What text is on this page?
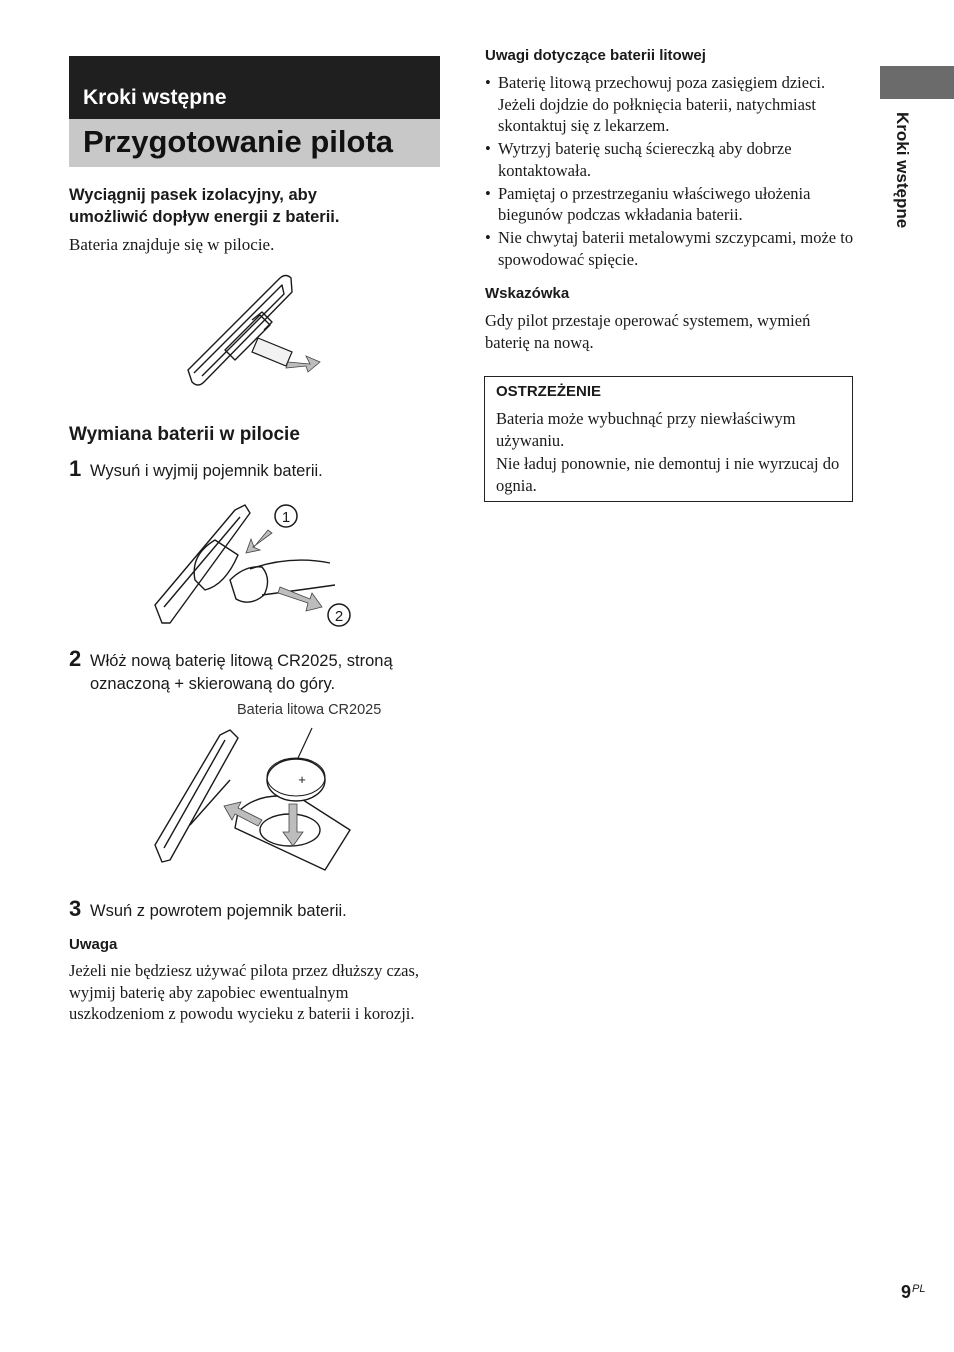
Kroki wstępne
Przygotowanie pilota
Wyciągnij pasek izolacyjny, aby umożliwić dopływ energii z baterii.
Bateria znajduje się w pilocie.
Wymiana baterii w pilocie
1 Wysuń i wyjmij pojemnik baterii.
1
2
2 Włóż nową baterię litową CR2025, stroną oznaczoną + skierowaną do góry.
Bateria litowa CR2025
+
3 Wsuń z powrotem pojemnik baterii.
Uwaga
Jeżeli nie będziesz używać pilota przez dłuższy czas, wyjmij baterię aby zapobiec ewentualnym uszkodzeniom z powodu wycieku z baterii i korozji.
Uwagi dotyczące baterii litowej
• Baterię litową przechowuj poza zasięgiem dzieci. Jeżeli dojdzie do połknięcia baterii, natychmiast skontaktuj się z lekarzem.
• Wytrzyj baterię suchą ściereczką aby dobrze kontaktowała.
• Pamiętaj o przestrzeganiu właściwego ułożenia biegunów podczas wkładania baterii.
• Nie chwytaj baterii metalowymi szczypcami, może to spowodować spięcie.
Wskazówka
Gdy pilot przestaje operować systemem, wymień baterię na nową.
OSTRZEŻENIE
Bateria może wybuchnąć przy niewłaściwym używaniu.
Nie ładuj ponownie, nie demontuj i nie wyrzucaj do ognia.
Kroki wstępne
$9^{PL}$
